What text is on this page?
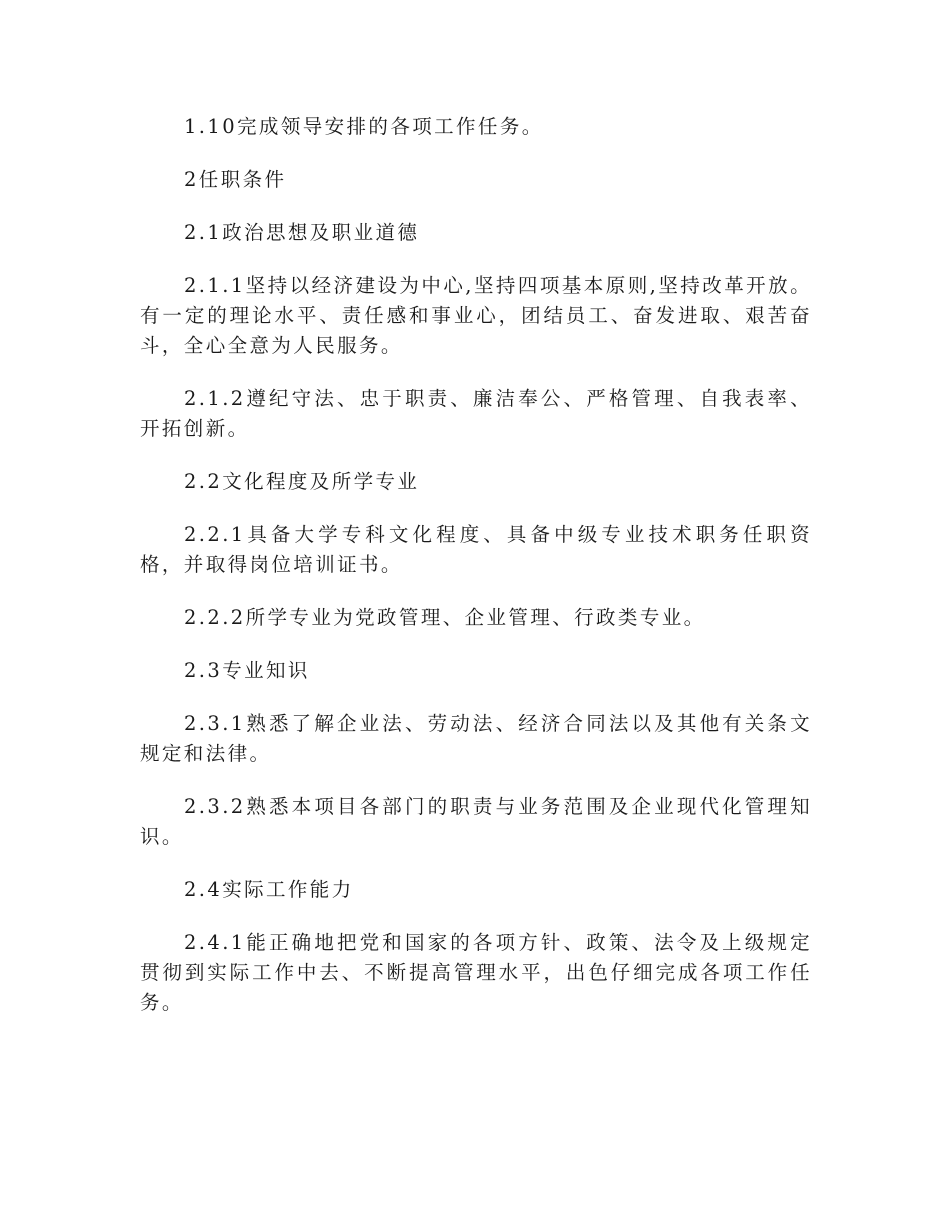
1.10完成领导安排的各项工作任务。

2任职条件

2.1政治思想及职业道德

2.1.1坚持以经济建设为中心,坚持四项基本原则,坚持改革开放。有一定的理论水平、责任感和事业心，团结员工、奋发进取、艰苦奋斗，全心全意为人民服务。

2.1.2遵纪守法、忠于职责、廉洁奉公、严格管理、自我表率、开拓创新。

2.2文化程度及所学专业

2.2.1具备大学专科文化程度、具备中级专业技术职务任职资格，并取得岗位培训证书。

2.2.2所学专业为党政管理、企业管理、行政类专业。

2.3专业知识

2.3.1熟悉了解企业法、劳动法、经济合同法以及其他有关条文规定和法律。

2.3.2熟悉本项目各部门的职责与业务范围及企业现代化管理知识。

2.4实际工作能力

2.4.1能正确地把党和国家的各项方针、政策、法令及上级规定贯彻到实际工作中去、不断提高管理水平，出色仔细完成各项工作任务。
